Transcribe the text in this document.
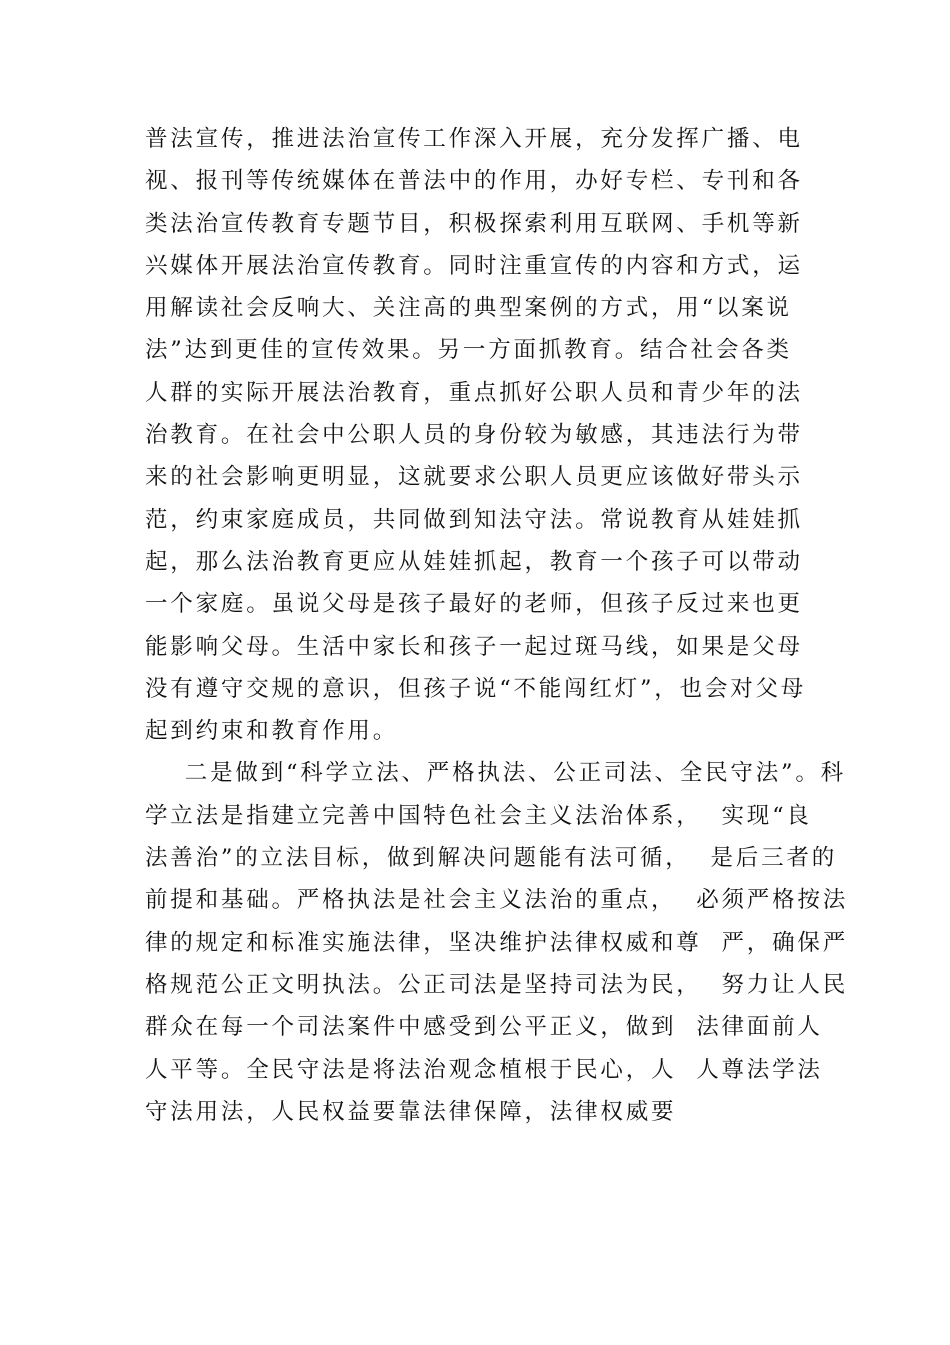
普法宣传，推进法治宣传工作深入开展，充分发挥广播、电
视、报刊等传统媒体在普法中的作用，办好专栏、专刊和各
类法治宣传教育专题节目，积极探索利用互联网、手机等新
兴媒体开展法治宣传教育。同时注重宣传的内容和方式，运
用解读社会反响大、关注高的典型案例的方式，用“以案说
法”达到更佳的宣传效果。另一方面抓教育。结合社会各类
人群的实际开展法治教育，重点抓好公职人员和青少年的法
治教育。在社会中公职人员的身份较为敏感，其违法行为带
来的社会影响更明显，这就要求公职人员更应该做好带头示
范，约束家庭成员，共同做到知法守法。常说教育从娃娃抓
起，那么法治教育更应从娃娃抓起，教育一个孩子可以带动
一个家庭。虽说父母是孩子最好的老师，但孩子反过来也更
能影响父母。生活中家长和孩子一起过斑马线，如果是父母
没有遵守交规的意识，但孩子说“不能闯红灯”，也会对父母
起到约束和教育作用。
二是做到“科学立法、严格执法、公正司法、全民守法”。科
学立法是指建立完善中国特色社会主义法治体系，  实现“良
法善治”的立法目标，做到解决问题能有法可循，  是后三者的
前提和基础。严格执法是社会主义法治的重点，  必须严格按法
律的规定和标准实施法律，坚决维护法律权威和尊  严，确保严
格规范公正文明执法。公正司法是坚持司法为民，  努力让人民
群众在每一个司法案件中感受到公平正义，做到  法律面前人
人平等。全民守法是将法治观念植根于民心，人  人尊法学法
守法用法，人民权益要靠法律保障，法律权威要
